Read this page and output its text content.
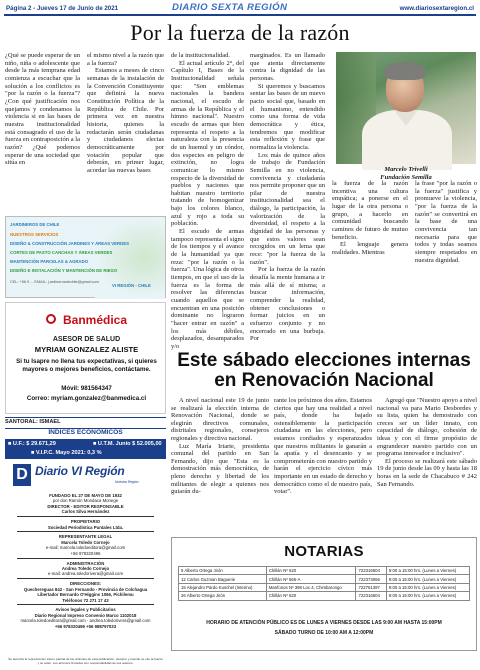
Página 2 - Jueves 17 de Junio de 2021	DIARIO SEXTA REGIÓN	www.diariosextaregion.cl
Por la fuerza de la razón

¿Qué se puede esperar de un niño, niña o adolescente que desde la más temprana edad comienza a escuchar que la solución a los conflictos es "por la razón o la fuerza"? ¿Con qué justificación nos quejamos y condenamos la violencia si en las bases de nuestra institucionalidad está consagrado el uso de la fuerza en contraposición a la razón? ¿Qué podemos esperar de una sociedad que sitúa en

el mismo nivel a la razón que a la fuerza?

Estamos a meses de cinco semanas de la instalación de la Convención Constituyente que definirá la nueva Constitución Política de la República de Chile. Por primera vez en nuestra historia, quienes la redactarán serán ciudadanas y ciudadanos electas democráticamente por votación popular que deberán, en primer lugar, acordar las nuevas bases

de la institucionalidad.

El actual artículo 2°, del Capítulo I, Bases de la Institucionalidad señala que: "Son emblemas nacionales la bandera nacional, el escudo de armas de la República y el himno nacional". Nuestro escudo de armas que bien representa el respeto a la naturaleza con la presencia de un huemul y un cóndor, dos especies en peligro de extinción, no logra comunicar lo mismo respecto de la diversidad de pueblos y naciones que habitan nuestro territorio tratando de homogenizar bajo los colores blanco, azul y rojo a toda su población.

El escudo de armas tampoco representa el signo de los tiempos y el avance de la humanidad ya que reza: "por la razón o la fuerza". Una lógica de otros tiempos, en que el uso de la fuerza es la forma de resolver las diferencias cuando aquellos que se encuentran en una posición dominante no lograron "hacer entrar en razón" a los más débiles, desplazados, desamparados y/o

marginados. Es un llamado que atenta directamente contra la dignidad de las personas.

Si queremos y buscamos sentar las bases de un nuevo pacto social que, basado en el humanismo, entendido como una forma de vida democrática y ética, tendremos que modificar esta reflexión y frase que normaliza la violencia.

Los más de quince años de trabajo de Fundación Semilla en no violencia, convivencia y ciudadanía nos permite proponer que un pilar de nuestra institucionalidad sea el diálogo, la participación, la valorización de la diversidad, el respeto a la dignidad de las personas y que estos valores sean recogidos en un lema que rece: "por la fuerza de la razón".

Por la fuerza de la razón desafía la mente humana a ir más allá de sí misma; a buscar información, comprender la realidad, obtener conclusiones o formar juicios en un esfuerzo conjunto y no encerrado en una burbuja. Por

Marcelo Trivelli
Fundación Semilla

la fuerza de la razón incentiva una cultura empática; a ponerse en el lugar de la otra persona o grupo, a hacerlo en comunidad buscando caminos de futuro de mutuo beneficio.

El lenguaje genera realidades. Mientras

la frase "por la razón o la fuerza" justifica y promueve la violencia, "por la fuerza de la razón" se convertirá en la base de una convivencia tan necesaria para que todos y todas seamos siempre respetados en nuestra dignidad.

JARDINEROS DE CHILE
NUESTROS SERVICIOS
DISEÑO & CONSTRUCCIÓN JARDINES Y ÁREAS VERDES
CORTES DE PASTO CANCHAS Y ÁREAS VERDES
MANTENCIÓN PARCELAS & AGRADO
DISEÑO E INSTALACIÓN Y MANTENCIÓN DE RIEGO
CEL: +56 9 ... EMAIL: j.ardinerosdechile@gmail.com
VI REGIÓN - CHILE
Banmédica
ASESOR DE SALUD
MYRIAM GONZALEZ ALISTE
Si tu Isapre no llena tus expectativas, si quieres mayores o mejores beneficios, contáctame.
Móvil: 981564347
Correo: myriam.gonzalez@banmedica.cl
SANTORAL: ISMAEL
ÍNDICES ECONÓMICOS
■ U.F.: $ 29.671,29	■ U.T.M. Junio $ 52.005,00
■ V.I.P.C. Mayo 2021: 0,3 %
D Diario VI Región
Nuestra Región
FUNDADO EL 27 DE MAYO DE 1932
por don Ramón Mondaca Monege
DIRECTOR - EDITOR RESPONSABLE
Carlos Silva Hernández
PROPIETARIO
Sociedad Periodística Puntales Ltda.
REPRESENTANTE LEGAL
Marcela Toledo Cornejo
e-mail: marcela.toledoeditora@gmail.com
+56 978320496
ADMINISTRACIÓN
Andrea Toledo Cornejo
e-mail: andrea.toledorivera@gmail.com
DIRECCIONES:
Quechereguas 842 - San Fernando - Provincia de Colchagua
Libertador Bernardo O'Higgins 1066, Pichilemu
Teléfonos 72 271 17 43
Avisos legales y Publicitarios
Diario Regional Impreso Convenio Marco 1102018
marcela.toledoeditora@gmail.com · andrea.toledorivera@gmail.com
+56 978320496 +56 988797033
Se autoriza la reproducción total o parcial de los artículos de esta publicación, siempre y cuando se cite la fuente y su autor. Los artículos firmados son responsabilidad de sus autores.
Este sábado elecciones internas en Renovación Nacional

A nivel nacional este 19 de junio se realizará la elección interna de Renovación Nacional, donde se elegirán directivos comunales, distritales regionales, consejeros regionales y directiva nacional.

Luz María Iriarte, presidenta comunal del partido en San Fernando, dijo que "Esta es la demostración más democrática, de pleno derecho y libertad de los militantes de elegir a quienes nos guiarán du-

rante los próximos dos años. Estamos ciertos que hay una realidad a nivel país, donde ha bajado ostensiblemente la participación ciudadana en las elecciones, pero estamos confiados y esperanzados que nuestros militantes le ganarán a la apatía y el desencanto y se comprometerán con nuestro partido y harán el ejercicio cívico más importante en un estado de derecho y democrático como el de nuestro país, votar".

Agregó que "Nuestro apoyo a nivel nacional va para Mario Desbordes y su lista, quien ha demostrado con creces ser un líder innato, con capacidad de diálogo, cohesión de ideas y con el firme propósito de engrandecer nuestro partido con un programa innovador e inclusivo".

El proceso se realizará este sábado 19 de junio desde las 09 y hasta las 18 horas en la sede de Chacabuco # 242 San Fernando.

NOTARIAS
5 Alberto Ortega Jirón	Chillán Nº 620	722316604	9:00 a 15:00 hrs. (Lunes a Viernes)
12 Carlos Guzman Baguerie	Chillán Nº 566-A	722373066	9:00 a 15:00 hrs. (Lunes a Viernes)
15 Alejandro Pardo Kuschel (Interino)	Manfonos Nº 398 Loc.4, Chimbarongo	722761397	9:00 a 15:00 hrs. (Lunes a Viernes)
26 Alberto Ortega Jirón	Chillán Nº 620	722316604	9:00 a 15:00 hrs. (Lunes a Viernes)
HORARIO DE ATENCIÓN PÚBLICO ES DE LUNES A VIERNES DESDE LAS 9:00 AM HASTA 15:00PM
SÁBADO TURNO DE 10:00 AM A 12:00PM
